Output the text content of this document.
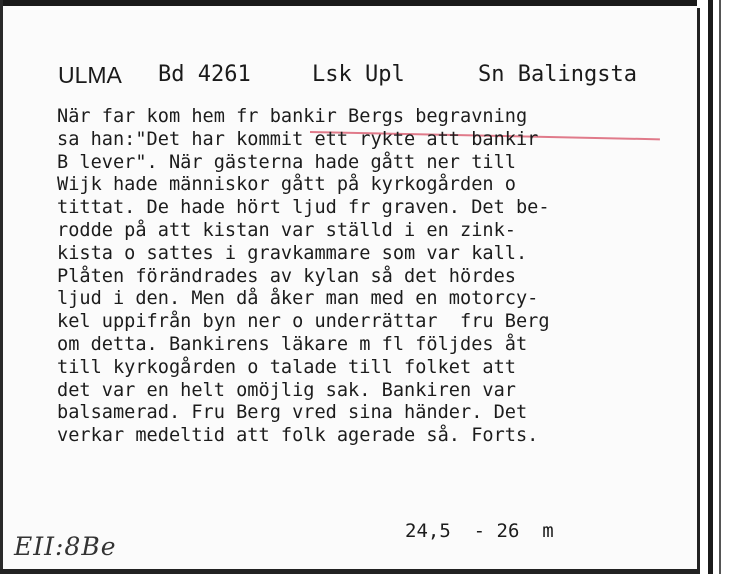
ULMA Bd 4261	Lsk Upl	Sn Balingsta
När far kom hem fr bankir Bergs begravning
sa han:"Det har kommit ett rykte att bankir
B lever". När gästerna hade gått ner till
Wijk hade människor gått på kyrkogården o
tittat. De hade hört ljud fr graven. Det be-
rodde på att kistan var ställd i en zink-
kista o sattes i gravkammare som var kall.
Plåten förändrades av kylan så det hördes
ljud i den. Men då åker man med en motorcy-
kel uppifrån byn ner o underrättar  fru Berg
om detta. Bankirens läkare m fl följdes åt
till kyrkogården o talade till folket att
det var en helt omöjlig sak. Bankiren var
balsamerad. Fru Berg vred sina händer. Det
verkar medeltid att folk agerade så. Forts.
24,5  - 26  m
EII:8Be
